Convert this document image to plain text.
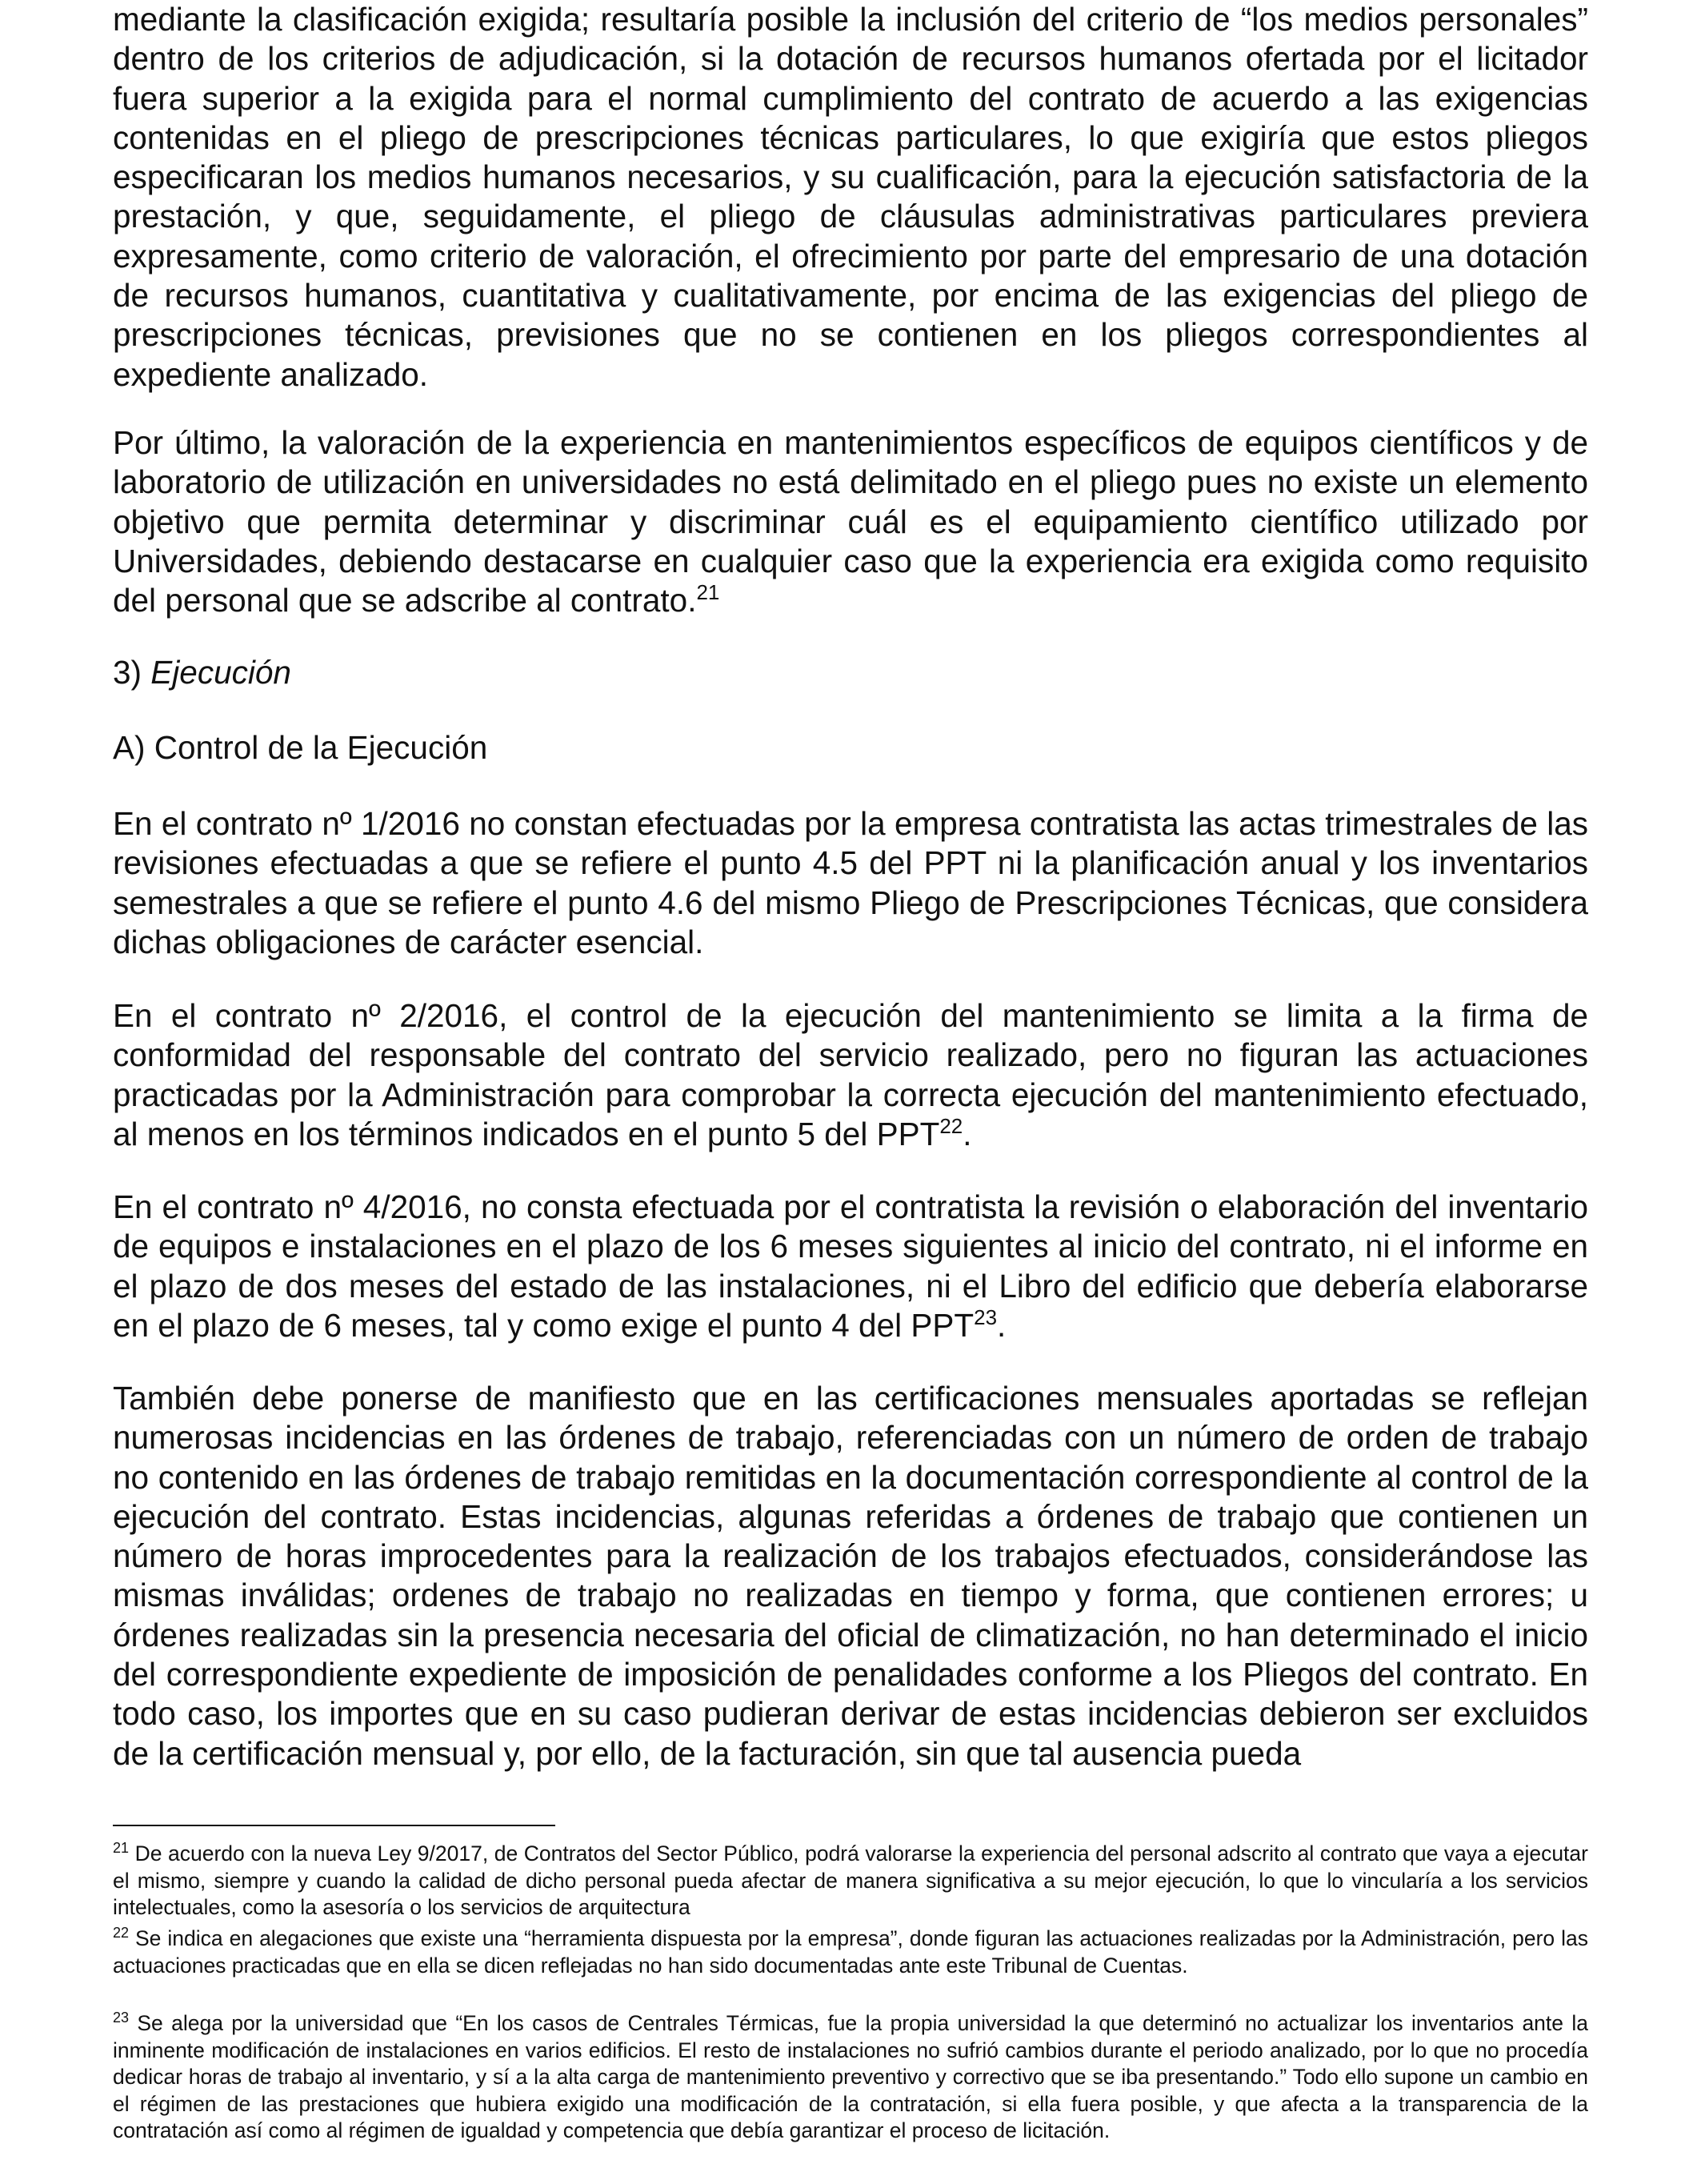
mediante la clasificación exigida; resultaría posible la inclusión del criterio de “los medios personales” dentro de los criterios de adjudicación, si la dotación de recursos humanos ofertada por el licitador fuera superior a la exigida para el normal cumplimiento del contrato de acuerdo a las exigencias contenidas en el pliego de prescripciones técnicas particulares, lo que exigiría que estos pliegos especificaran los medios humanos necesarios, y su cualificación, para la ejecución satisfactoria de la prestación, y que, seguidamente, el pliego de cláusulas administrativas particulares previera expresamente, como criterio de valoración, el ofrecimiento por parte del empresario de una dotación de recursos humanos, cuantitativa y cualitativamente, por encima de las exigencias del pliego de prescripciones técnicas, previsiones que no se contienen en los pliegos correspondientes al expediente analizado.

Por último, la valoración de la experiencia en mantenimientos específicos de equipos científicos y de laboratorio de utilización en universidades no está delimitado en el pliego pues no existe un elemento objetivo que permita determinar y discriminar cuál es el equipamiento científico utilizado por Universidades, debiendo destacarse en cualquier caso que la experiencia era exigida como requisito del personal que se adscribe al contrato.$^{21}$

3) Ejecución

A) Control de la Ejecución

En el contrato nº 1/2016 no constan efectuadas por la empresa contratista las actas trimestrales de las revisiones efectuadas a que se refiere el punto 4.5 del PPT ni la planificación anual y los inventarios semestrales a que se refiere el punto 4.6 del mismo Pliego de Prescripciones Técnicas, que considera dichas obligaciones de carácter esencial.

En el contrato nº 2/2016, el control de la ejecución del mantenimiento se limita a la firma de conformidad del responsable del contrato del servicio realizado, pero no figuran las actuaciones practicadas por la Administración para comprobar la correcta ejecución del mantenimiento efectuado, al menos en los términos indicados en el punto 5 del PPT$^{22}$.

En el contrato nº 4/2016, no consta efectuada por el contratista la revisión o elaboración del inventario de equipos e instalaciones en el plazo de los 6 meses siguientes al inicio del contrato, ni el informe en el plazo de dos meses del estado de las instalaciones, ni el Libro del edificio que debería elaborarse en el plazo de 6 meses, tal y como exige el punto 4 del PPT$^{23}$.

También debe ponerse de manifiesto que en las certificaciones mensuales aportadas se reflejan numerosas incidencias en las órdenes de trabajo, referenciadas con un número de orden de trabajo no contenido en las órdenes de trabajo remitidas en la documentación correspondiente al control de la ejecución del contrato. Estas incidencias, algunas referidas a órdenes de trabajo que contienen un número de horas improcedentes para la realización de los trabajos efectuados, considerándose las mismas inválidas; ordenes de trabajo no realizadas en tiempo y forma, que contienen errores; u órdenes realizadas sin la presencia necesaria del oficial de climatización, no han determinado el inicio del correspondiente expediente de imposición de penalidades conforme a los Pliegos del contrato. En todo caso, los importes que en su caso pudieran derivar de estas incidencias debieron ser excluidos de la certificación mensual y, por ello, de la facturación, sin que tal ausencia pueda

$^{21}$ De acuerdo con la nueva Ley 9/2017, de Contratos del Sector Público, podrá valorarse la experiencia del personal adscrito al contrato que vaya a ejecutar el mismo, siempre y cuando la calidad de dicho personal pueda afectar de manera significativa a su mejor ejecución, lo que lo vincularía a los servicios intelectuales, como la asesoría o los servicios de arquitectura

$^{22}$ Se indica en alegaciones que existe una “herramienta dispuesta por la empresa”, donde figuran las actuaciones realizadas por la Administración, pero las actuaciones practicadas que en ella se dicen reflejadas no han sido documentadas ante este Tribunal de Cuentas.

$^{23}$ Se alega por la universidad que “En los casos de Centrales Térmicas, fue la propia universidad la que determinó no actualizar los inventarios ante la inminente modificación de instalaciones en varios edificios. El resto de instalaciones no sufrió cambios durante el periodo analizado, por lo que no procedía dedicar horas de trabajo al inventario, y sí a la alta carga de mantenimiento preventivo y correctivo que se iba presentando.” Todo ello supone un cambio en el régimen de las prestaciones que hubiera exigido una modificación de la contratación, si ella fuera posible, y que afecta a la transparencia de la contratación así como al régimen de igualdad y competencia que debía garantizar el proceso de licitación.
